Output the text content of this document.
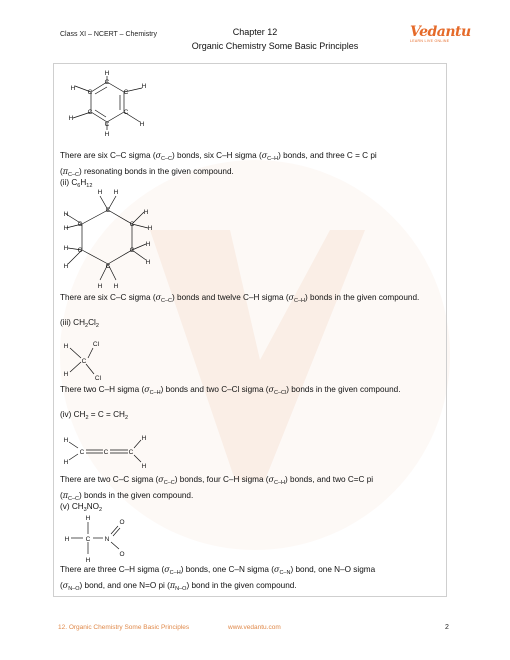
Class XI – NCERT – Chemistry	Chapter 12
Organic Chemistry Some Basic Principles
Vedantu
LEARN LIVE ONLINE
H
H
H
C
C
C
C
C
C	H
H
H
There are six C–C sigma $(\sigma_{C-C})$ bonds, six C–H sigma $(\sigma_{C-H})$ bonds, and three C = C pi
$(\pi_{C-C})$ resonating bonds in the given compound.
(ii) $C_6H_{12}$
H H
H	H
H	H
H
H
H
H
H H
C
C
C
C
C
C
There are six C–C sigma $(\sigma_{C-C})$ bonds and twelve C–H sigma $(\sigma_{C-H})$ bonds in the given compound.
(iii) $CH_2Cl_2$
H	Cl
C
H
Cl
There two C–H sigma $(\sigma_{C-H})$ bonds and two C–Cl sigma $(\sigma_{C-Cl})$ bonds in the given compound.
(iv) $CH_2 = C = CH_2$
H
H
C	C	C
H
H
There are two C–C sigma $(\sigma_{C-C})$ bonds, four C–H sigma $(\sigma_{C-H})$ bonds, and two C=C pi
$(\pi_{C-C})$ bonds in the given compound.
(v) $CH_3NO_2$
H
H	C N
H
O
O
There are three C–H sigma $(\sigma_{C-H})$ bonds, one C–N sigma $(\sigma_{C-N})$ bond, one N–O sigma
$(\sigma_{N-O})$ bond, and one N=O pi $(\pi_{N-O})$ bond in the given compound.
12. Organic Chemistry Some Basic Principles	www.vedantu.com	2
